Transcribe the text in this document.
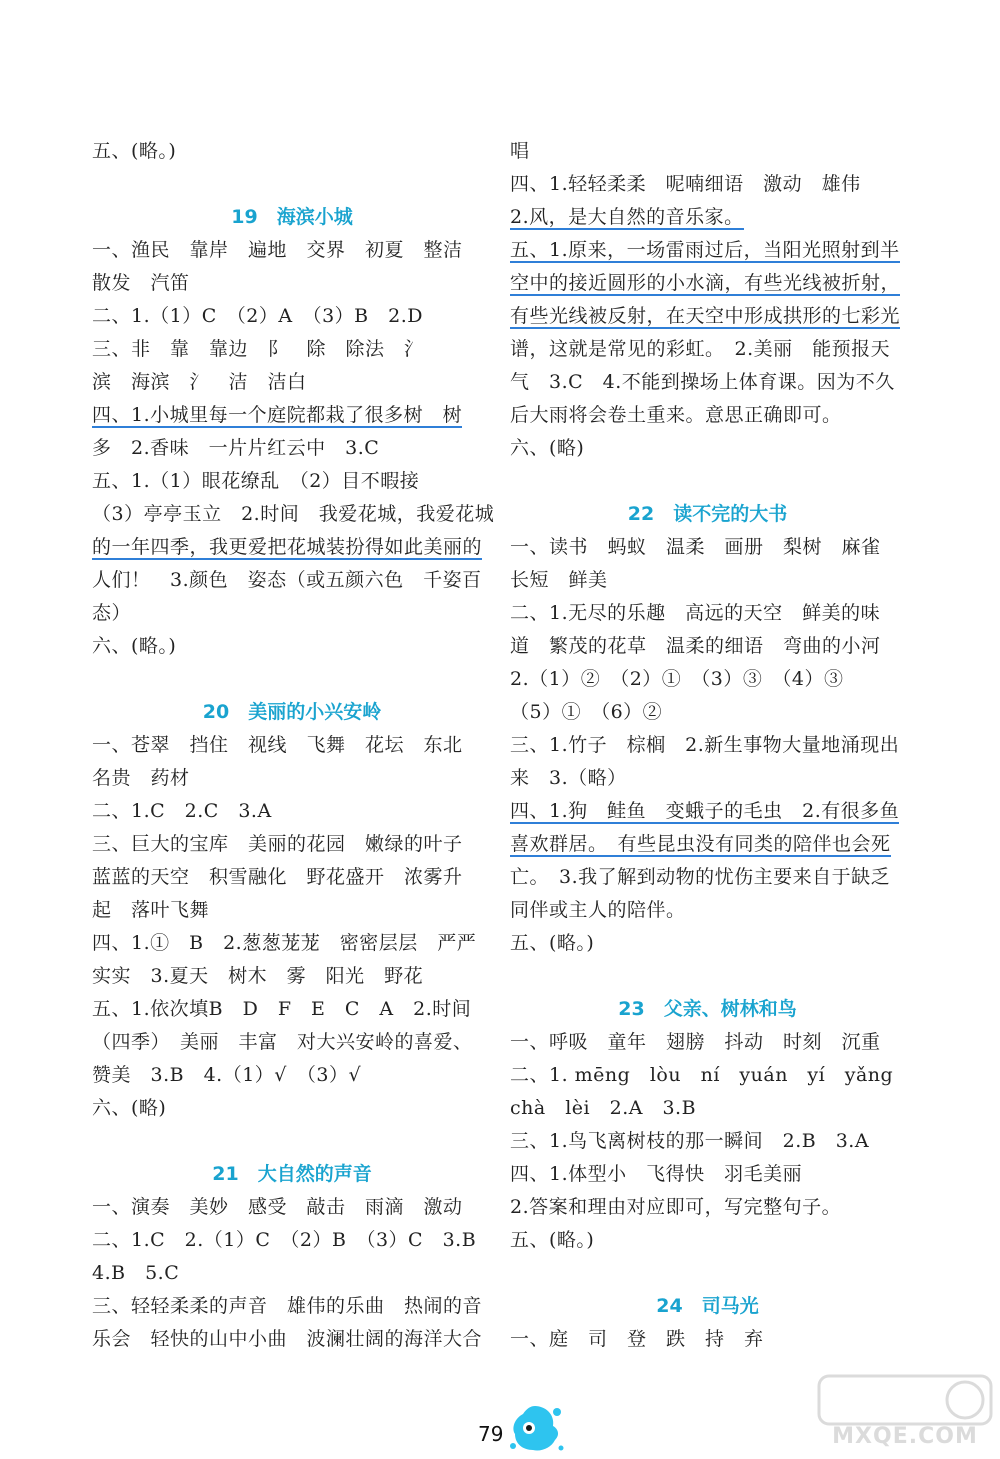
五、(略。)
19　海滨小城
一、渔民　靠岸　遍地　交界　初夏　整洁
散发　汽笛
二、1.（1）C　（2）A　（3）B　2.D
三、非　靠　靠边　阝　除　除法　氵
滨　海滨　氵　洁　洁白
四、1.小城里每一个庭院都栽了很多树　树
多　2.香味　一片片红云中　3.C
五、1.（1）眼花缭乱　（2）目不暇接
（3）亭亭玉立　2.时间　我爱花城，我爱花城
的一年四季，我更爱把花城装扮得如此美丽的
人们！　3.颜色　姿态（或五颜六色　千姿百
态）
六、(略。)
20　美丽的小兴安岭
一、苍翠　挡住　视线　飞舞　花坛　东北
名贵　药材
二、1.C　2.C　3.A
三、巨大的宝库　美丽的花园　嫩绿的叶子
蓝蓝的天空　积雪融化　野花盛开　浓雾升
起　落叶飞舞
四、1.①　B　2.葱葱茏茏　密密层层　严严
实实　3.夏天　树木　雾　阳光　野花
五、1.依次填B　D　F　E　C　A　2.时间
（四季）　美丽　丰富　对大兴安岭的喜爱、
赞美　3.B　4.（1）√　（3）√
六、(略)
21　大自然的声音
一、演奏　美妙　感受　敲击　雨滴　激动
二、1.C　2.（1）C　（2）B　（3）C　3.B
4.B　5.C
三、轻轻柔柔的声音　雄伟的乐曲　热闹的音
乐会　轻快的山中小曲　波澜壮阔的海洋大合
唱
四、1.轻轻柔柔　呢喃细语　激动　雄伟
2.风，是大自然的音乐家。
五、1.原来，一场雷雨过后，当阳光照射到半
空中的接近圆形的小水滴，有些光线被折射，
有些光线被反射，在天空中形成拱形的七彩光
谱，这就是常见的彩虹。　2.美丽　能预报天
气　3.C　4.不能到操场上体育课。因为不久
后大雨将会卷土重来。意思正确即可。
六、(略)
22　读不完的大书
一、读书　蚂蚁　温柔　画册　梨树　麻雀
长短　鲜美
二、1.无尽的乐趣　高远的天空　鲜美的味
道　繁茂的花草　温柔的细语　弯曲的小河
2.（1）②　（2）①　（3）③　（4）③
（5）①　（6）②
三、1.竹子　棕榈　2.新生事物大量地涌现出
来　3.（略）
四、1.狗　鲑鱼　变蛾子的毛虫　2.有很多鱼
喜欢群居。　有些昆虫没有同类的陪伴也会死
亡。　3.我了解到动物的忧伤主要来自于缺乏
同伴或主人的陪伴。
五、(略。)
23　父亲、树林和鸟
一、呼吸　童年　翅膀　抖动　时刻　沉重
二、1. mēng　lòu　ní　yuán　yí　yǎng
chà　lèi　2.A　3.B
三、1.鸟飞离树枝的那一瞬间　2.B　3.A
四、1.体型小　飞得快　羽毛美丽
2.答案和理由对应即可，写完整句子。
五、(略。)
24　司马光
一、庭　司　登　跌　持　弃
79	MXQE.COM
